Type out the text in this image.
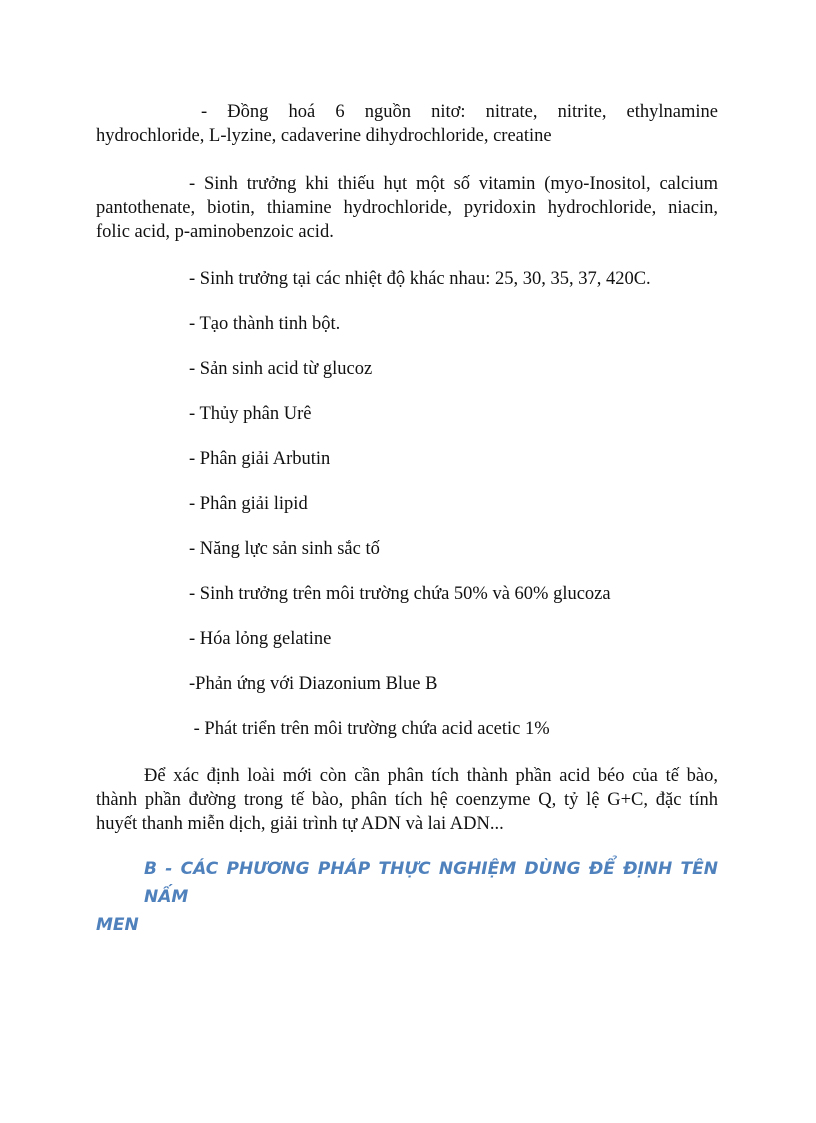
- Đồng hoá 6 nguồn nitơ: nitrate, nitrite, ethylnamine
hydrochloride, L-lyzine, cadaverine dihydrochloride, creatine
- Sinh trưởng khi thiếu hụt một số vitamin (myo-Inositol, calcium
pantothenate, biotin, thiamine hydrochloride, pyridoxin hydrochloride, niacin,
folic acid, p-aminobenzoic acid.

- Sinh trưởng tại các nhiệt độ khác nhau: 25, 30, 35, 37, 420C.

- Tạo thành tinh bột.

- Sản sinh acid từ glucoz

- Thủy phân Urê

- Phân giải Arbutin

- Phân giải lipid

- Năng lực sản sinh sắc tố

- Sinh trưởng trên môi trường chứa 50% và 60% glucoza

- Hóa lỏng gelatine

-Phản ứng với Diazonium Blue B

- Phát triển trên môi trường chứa acid acetic 1%

Để xác định loài mới còn cần phân tích thành phần acid béo của tế bào,
thành phần đường trong tế bào, phân tích hệ coenzyme Q, tỷ lệ G+C, đặc tính
huyết thanh miễn dịch, giải trình tự ADN và lai ADN...
B - CÁC PHƯƠNG PHÁP THỰC NGHIỆM DÙNG ĐỂ ĐỊNH TÊN NẤM
MEN
